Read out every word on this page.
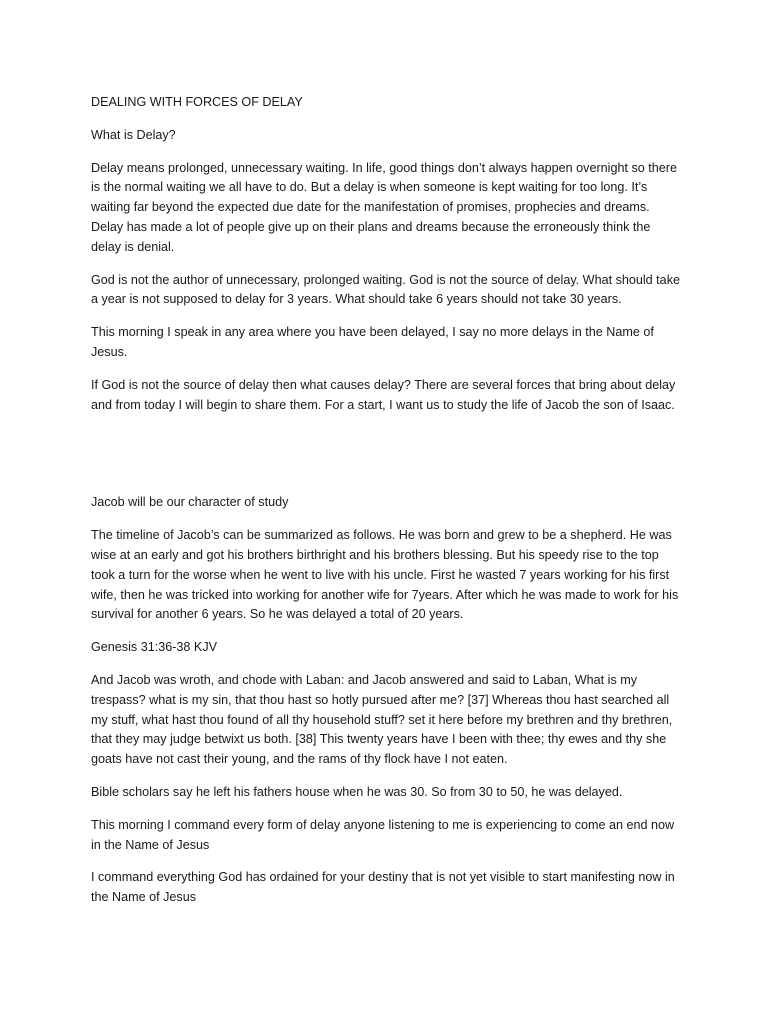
DEALING WITH FORCES OF DELAY

What is Delay?

Delay means prolonged, unnecessary waiting. In life, good things don’t always happen overnight so there is the normal waiting we all have to do. But a delay is when someone is kept waiting for too long. It’s waiting far beyond the expected due date for the manifestation of promises, prophecies and dreams. Delay has made a lot of people give up on their plans and dreams because the erroneously think the delay is denial.

God is not the author of unnecessary, prolonged waiting. God is not the source of delay. What should take a year is not supposed to delay for 3 years. What should take 6 years should not take 30 years.

This morning I speak in any area where you have been delayed, I say no more delays in the Name of Jesus.

If God is not the source of delay then what causes delay? There are several forces that bring about delay and from today I will begin to share them. For a start, I want us to study the life of Jacob the son of Isaac.

Jacob will be our character of study

The timeline of Jacob’s can be summarized as follows. He was born and grew to be a shepherd. He was wise at an early and got his brothers birthright and his brothers blessing. But his speedy rise to the top took a turn for the worse when he went to live with his uncle. First he wasted 7 years working for his first wife, then he was tricked into working for another wife for 7years. After which he was made to work for his survival for another 6 years. So he was delayed a total of 20 years.

Genesis 31:36-38 KJV

And Jacob was wroth, and chode with Laban: and Jacob answered and said to Laban, What is my trespass? what is my sin, that thou hast so hotly pursued after me? [37] Whereas thou hast searched all my stuff, what hast thou found of all thy household stuff? set it here before my brethren and thy brethren, that they may judge betwixt us both. [38] This twenty years have I been with thee; thy ewes and thy she goats have not cast their young, and the rams of thy flock have I not eaten.

Bible scholars say he left his fathers house when he was 30. So from 30 to 50, he was delayed.

This morning I command every form of delay anyone listening to me is experiencing to come an end now in the Name of Jesus

I command everything God has ordained for your destiny that is not yet visible to start manifesting now in the Name of Jesus
